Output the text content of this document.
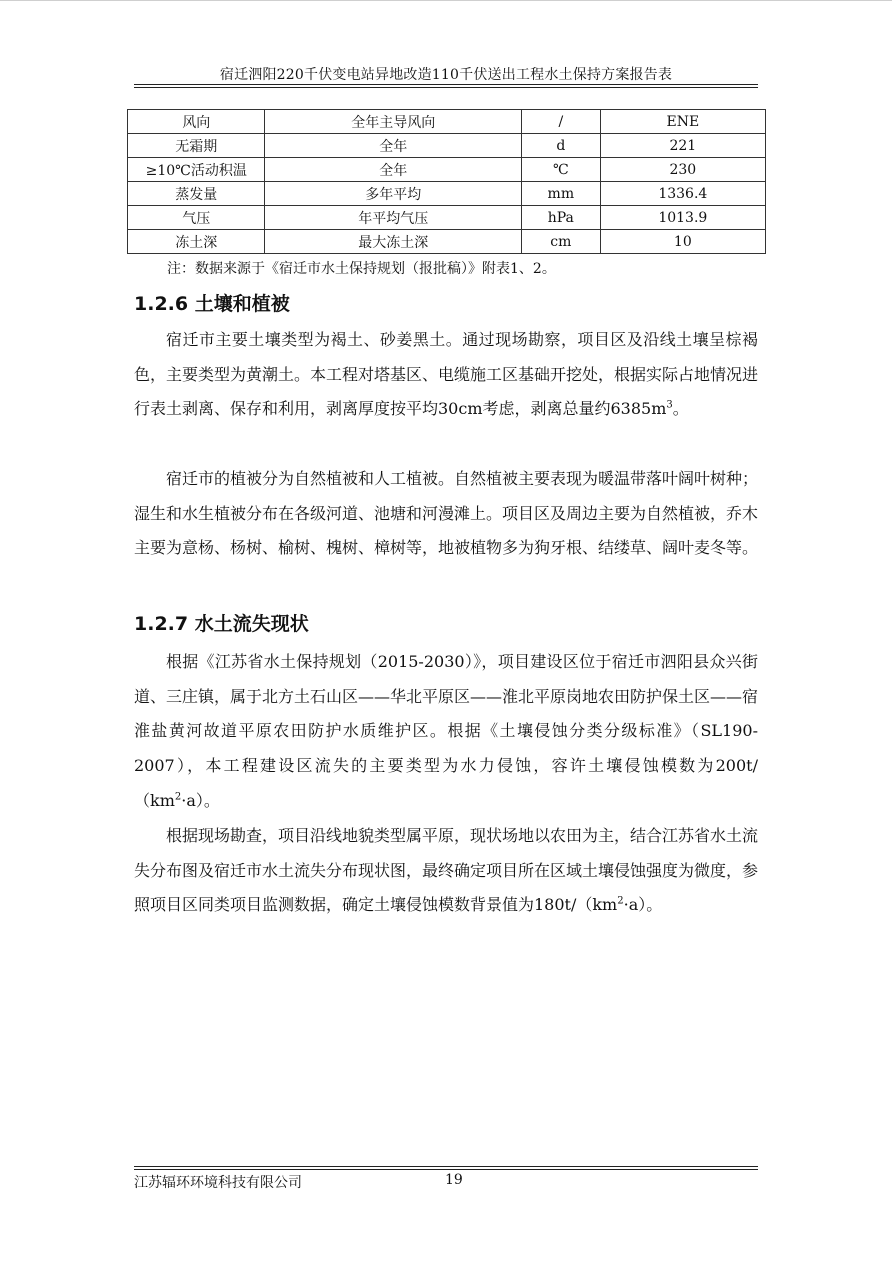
宿迁泗阳220千伏变电站异地改造110千伏送出工程水土保持方案报告表
风向	全年主导风向	/	ENE
无霜期	全年	d	221
≥10℃活动积温	全年	℃	230
蒸发量	多年平均	mm	1336.4
气压	年平均气压	hPa	1013.9
冻土深	最大冻土深	cm	10
注：数据来源于《宿迁市水土保持规划（报批稿）》附表1、2。
1.2.6 土壤和植被

宿迁市主要土壤类型为褐土、砂姜黑土。通过现场勘察，项目区及沿线土壤呈棕褐色，主要类型为黄潮土。本工程对塔基区、电缆施工区基础开挖处，根据实际占地情况进行表土剥离、保存和利用，剥离厚度按平均30cm考虑，剥离总量约$6385m^3$。

宿迁市的植被分为自然植被和人工植被。自然植被主要表现为暖温带落叶阔叶树种；湿生和水生植被分布在各级河道、池塘和河漫滩上。项目区及周边主要为自然植被，乔木主要为意杨、杨树、榆树、槐树、樟树等，地被植物多为狗牙根、结缕草、阔叶麦冬等。

1.2.7 水土流失现状

根据《江苏省水土保持规划（2015-2030）》，项目建设区位于宿迁市泗阳县众兴街道、三庄镇，属于北方土石山区——华北平原区——淮北平原岗地农田防护保土区——宿淮盐黄河故道平原农田防护水质维护区。根据《土壤侵蚀分类分级标准》（SL190-2007），本工程建设区流失的主要类型为水力侵蚀，容许土壤侵蚀模数为$200t/(km^2\cdot a)$。

根据现场勘查，项目沿线地貌类型属平原，现状场地以农田为主，结合江苏省水土流失分布图及宿迁市水土流失分布现状图，最终确定项目所在区域土壤侵蚀强度为微度，参照项目区同类项目监测数据，确定土壤侵蚀模数背景值为$180t/(km^2\cdot a)$。

江苏辐环环境科技有限公司	19
